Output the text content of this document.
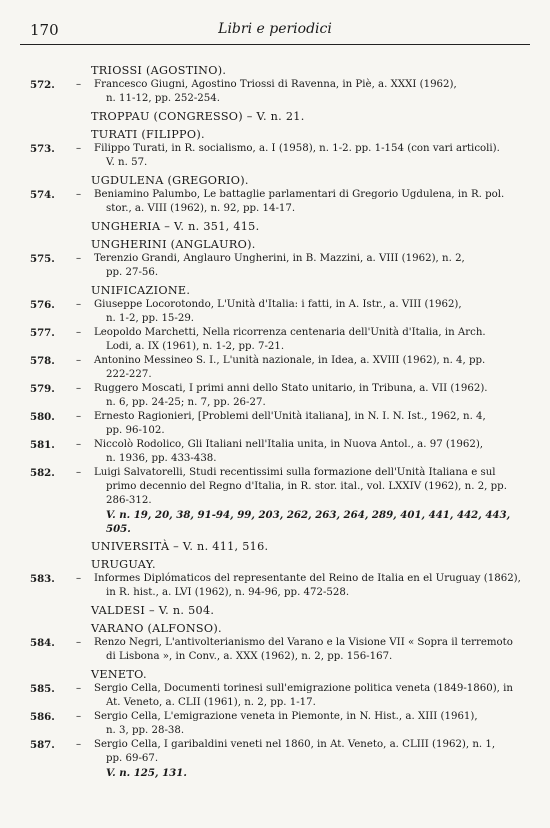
170	Libri e periodici
TRIOSSI (AGOSTINO).
572. – Francesco Giugni, Agostino Triossi di Ravenna, in Piè, a. XXXI (1962),
n. 11-12, pp. 252-254.
TROPPAU (CONGRESSO) – V. n. 21.
TURATI (FILIPPO).
573. – Filippo Turati, in R. socialismo, a. I (1958), n. 1-2. pp. 1-154 (con vari articoli).
V. n. 57.
UGDULENA (GREGORIO).
574. – Beniamino Palumbo, Le battaglie parlamentari di Gregorio Ugdulena, in R. pol.
stor., a. VIII (1962), n. 92, pp. 14-17.
UNGHERIA – V. n. 351, 415.
UNGHERINI (ANGLAURO).
575. – Terenzio Grandi, Anglauro Ungherini, in B. Mazzini, a. VIII (1962), n. 2,
pp. 27-56.
UNIFICAZIONE.
576. – Giuseppe Locorotondo, L'Unità d'Italia: i fatti, in A. Istr., a. VIII (1962),
n. 1-2, pp. 15-29.
577. – Leopoldo Marchetti, Nella ricorrenza centenaria dell'Unità d'Italia, in Arch.
Lodi, a. IX (1961), n. 1-2, pp. 7-21.
578. – Antonino Messineo S. I., L'unità nazionale, in Idea, a. XVIII (1962), n. 4, pp.
222-227.
579. – Ruggero Moscati, I primi anni dello Stato unitario, in Tribuna, a. VII (1962).
n. 6, pp. 24-25; n. 7, pp. 26-27.
580. – Ernesto Ragionieri, [Problemi dell'Unità italiana], in N. I. N. Ist., 1962, n. 4,
pp. 96-102.
581. – Niccolò Rodolico, Gli Italiani nell'Italia unita, in Nuova Antol., a. 97 (1962),
n. 1936, pp. 433-438.
582. – Luigi Salvatorelli, Studi recentissimi sulla formazione dell'Unità Italiana e sul
primo decennio del Regno d'Italia, in R. stor. ital., vol. LXXIV (1962), n. 2, pp. 286-312.
V. n. 19, 20, 38, 91-94, 99, 203, 262, 263, 264, 289, 401, 441, 442, 443, 505.
UNIVERSITÀ – V. n. 411, 516.
URUGUAY.
583. – Informes Diplómaticos del representante del Reino de Italia en el Uruguay (1862),
in R. hist., a. LVI (1962), n. 94-96, pp. 472-528.
VALDESI – V. n. 504.
VARANO (ALFONSO).
584. – Renzo Negri, L'antivolterianismo del Varano e la Visione VII « Sopra il terremoto
di Lisbona », in Conv., a. XXX (1962), n. 2, pp. 156-167.
VENETO.
585. – Sergio Cella, Documenti torinesi sull'emigrazione politica veneta (1849-1860), in
At. Veneto, a. CLII (1961), n. 2, pp. 1-17.
586. – Sergio Cella, L'emigrazione veneta in Piemonte, in N. Hist., a. XIII (1961),
n. 3, pp. 28-38.
587. – Sergio Cella, I garibaldini veneti nel 1860, in At. Veneto, a. CLIII (1962), n. 1,
pp. 69-67.
V. n. 125, 131.
